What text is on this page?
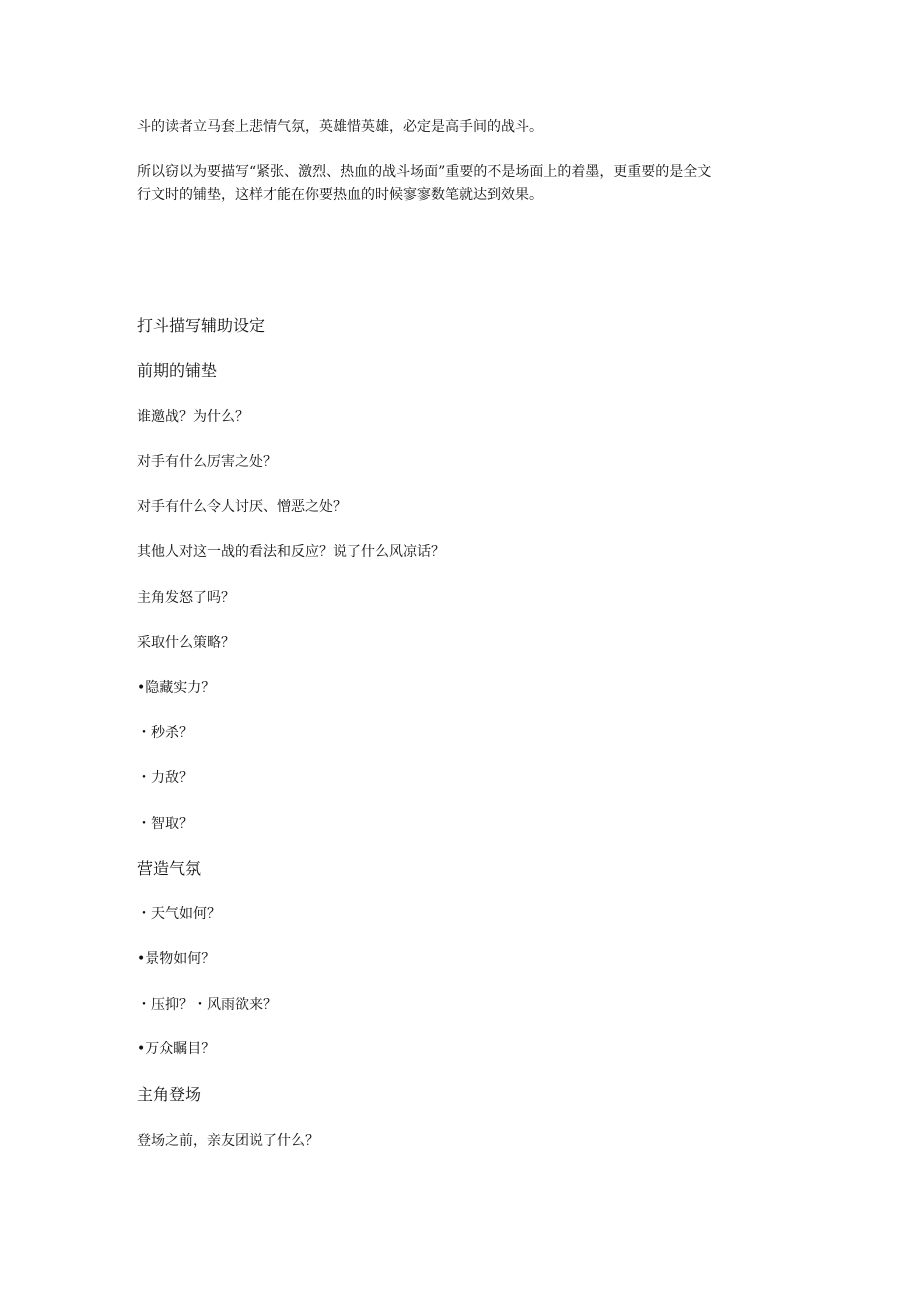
斗的读者立马套上悲情气氛，英雄惜英雄，必定是高手间的战斗。
所以窃以为要描写“紧张、激烈、热血的战斗场面”重要的不是场面上的着墨，更重要的是全文
行文时的铺垫，这样才能在你要热血的时候寥寥数笔就达到效果。
打斗描写辅助设定
前期的铺垫
谁邀战？为什么？
对手有什么厉害之处？
对手有什么令人讨厌、憎恶之处？
其他人对这一战的看法和反应？说了什么风凉话？
主角发怒了吗？
采取什么策略？
•隐藏实力？
・秒杀？
・力敌？
・智取？
营造气氛
・天气如何？
•景物如何？
・压抑？・风雨欲来？
•万众瞩目？
主角登场
登场之前，亲友团说了什么？
